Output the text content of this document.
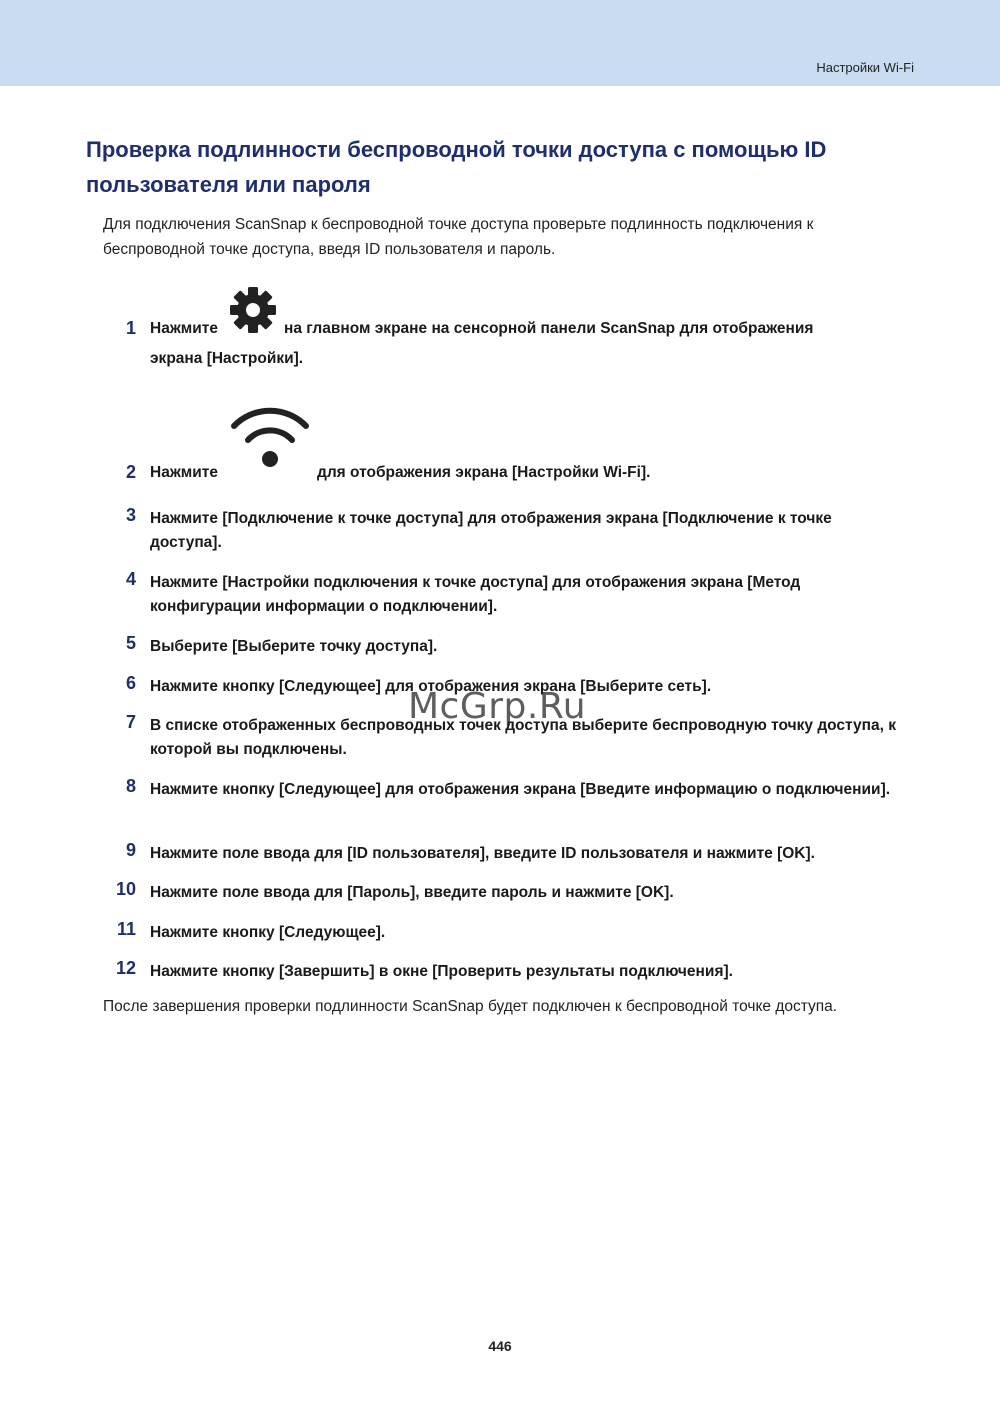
Настройки Wi-Fi
Проверка подлинности беспроводной точки доступа с помощью ID пользователя или пароля

Для подключения ScanSnap к беспроводной точке доступа проверьте подлинность подключения к беспроводной точке доступа, введя ID пользователя и пароль.

1 Нажмите	на главном экране на сенсорной панели ScanSnap для отображения
экрана [Настройки].
2 Нажмите	для отображения экрана [Настройки Wi-Fi].
3 Нажмите [Подключение к точке доступа] для отображения экрана [Подключение к точке доступа].
4 Нажмите [Настройки подключения к точке доступа] для отображения экрана [Метод конфигурации информации о подключении].
5 Выберите [Выберите точку доступа].
6 Нажмите кнопку [Следующее] для отображения экрана [Выберите сеть].
7 В списке отображенных беспроводных точек доступа выберите беспроводную точку доступа, к которой вы подключены.
8 Нажмите кнопку [Следующее] для отображения экрана [Введите информацию о подключении].
9 Нажмите поле ввода для [ID пользователя], введите ID пользователя и нажмите [OK].
10 Нажмите поле ввода для [Пароль], введите пароль и нажмите [OK].
11 Нажмите кнопку [Следующее].
12 Нажмите кнопку [Завершить] в окне [Проверить результаты подключения].

После завершения проверки подлинности ScanSnap будет подключен к беспроводной точке доступа.

McGrp.Ru
446
